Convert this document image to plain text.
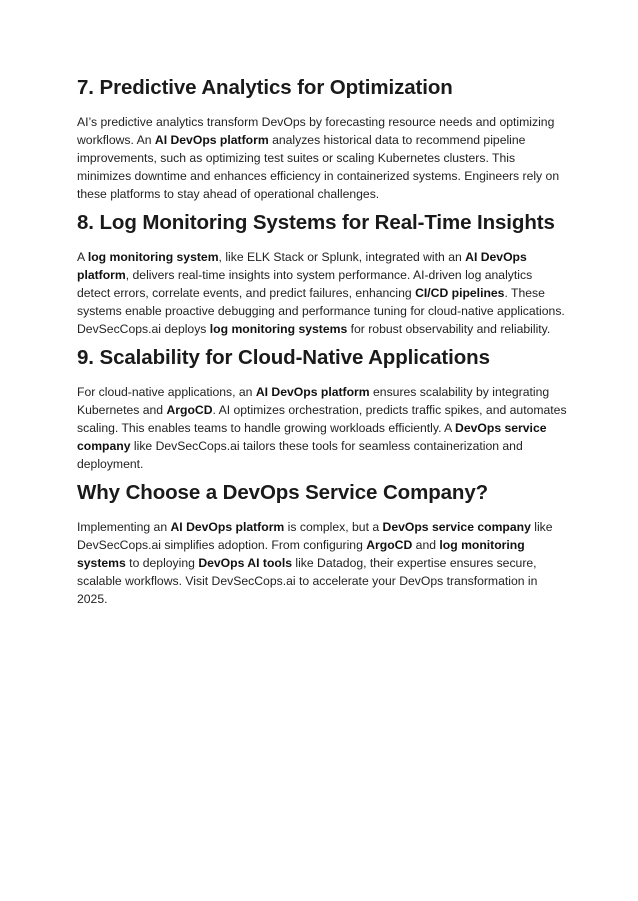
7. Predictive Analytics for Optimization

AI’s predictive analytics transform DevOps by forecasting resource needs and optimizing workflows. An AI DevOps platform analyzes historical data to recommend pipeline improvements, such as optimizing test suites or scaling Kubernetes clusters. This minimizes downtime and enhances efficiency in containerized systems. Engineers rely on these platforms to stay ahead of operational challenges.

8. Log Monitoring Systems for Real-Time Insights

A log monitoring system, like ELK Stack or Splunk, integrated with an AI DevOps platform, delivers real-time insights into system performance. AI-driven log analytics detect errors, correlate events, and predict failures, enhancing CI/CD pipelines. These systems enable proactive debugging and performance tuning for cloud-native applications. DevSecCops.ai deploys log monitoring systems for robust observability and reliability.

9. Scalability for Cloud-Native Applications

For cloud-native applications, an AI DevOps platform ensures scalability by integrating Kubernetes and ArgoCD. AI optimizes orchestration, predicts traffic spikes, and automates scaling. This enables teams to handle growing workloads efficiently. A DevOps service company like DevSecCops.ai tailors these tools for seamless containerization and deployment.

Why Choose a DevOps Service Company?

Implementing an AI DevOps platform is complex, but a DevOps service company like DevSecCops.ai simplifies adoption. From configuring ArgoCD and log monitoring systems to deploying DevOps AI tools like Datadog, their expertise ensures secure, scalable workflows. Visit DevSecCops.ai to accelerate your DevOps transformation in 2025.
